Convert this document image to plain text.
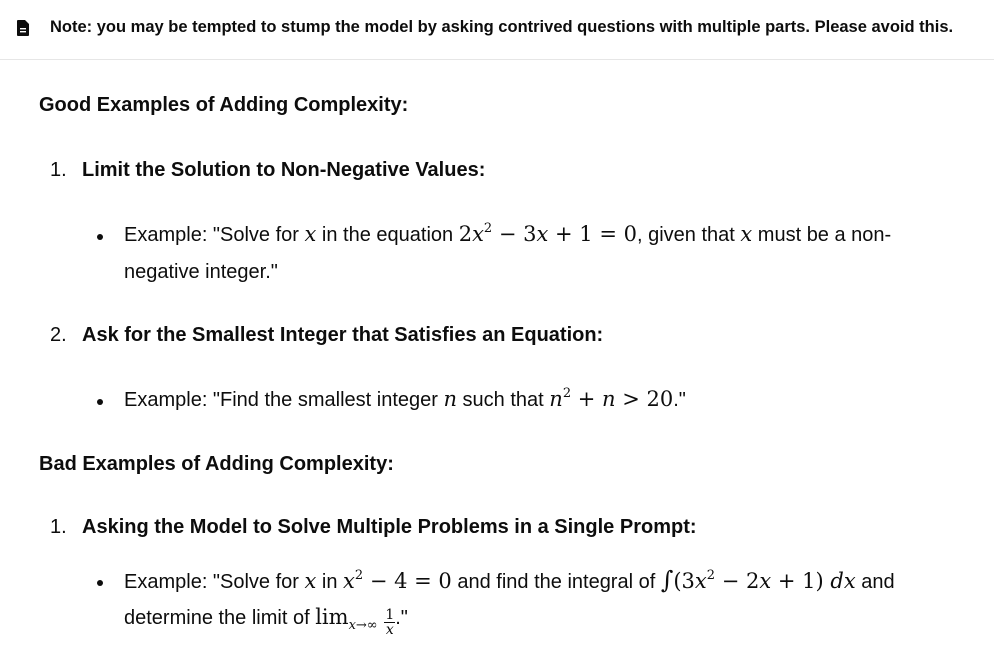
Note: you may be tempted to stump the model by asking contrived questions with multiple parts. Please avoid this.
Good Examples of Adding Complexity:
1. Limit the Solution to Non-Negative Values:
Example: "Solve for x in the equation $2x^2 - 3x + 1 = 0$, given that x must be a non-
negative integer."
2. Ask for the Smallest Integer that Satisfies an Equation:
Example: "Find the smallest integer n such that $n^2 + n > 20$."
Bad Examples of Adding Complexity:
1. Asking the Model to Solve Multiple Problems in a Single Prompt:
Example: "Solve for x in $x^2 - 4 = 0$ and find the integral of $\int(3x^2 - 2x + 1)$ dx and
determine the limit of $\lim_{x\to\infty} \frac{1}{x}$ ."
